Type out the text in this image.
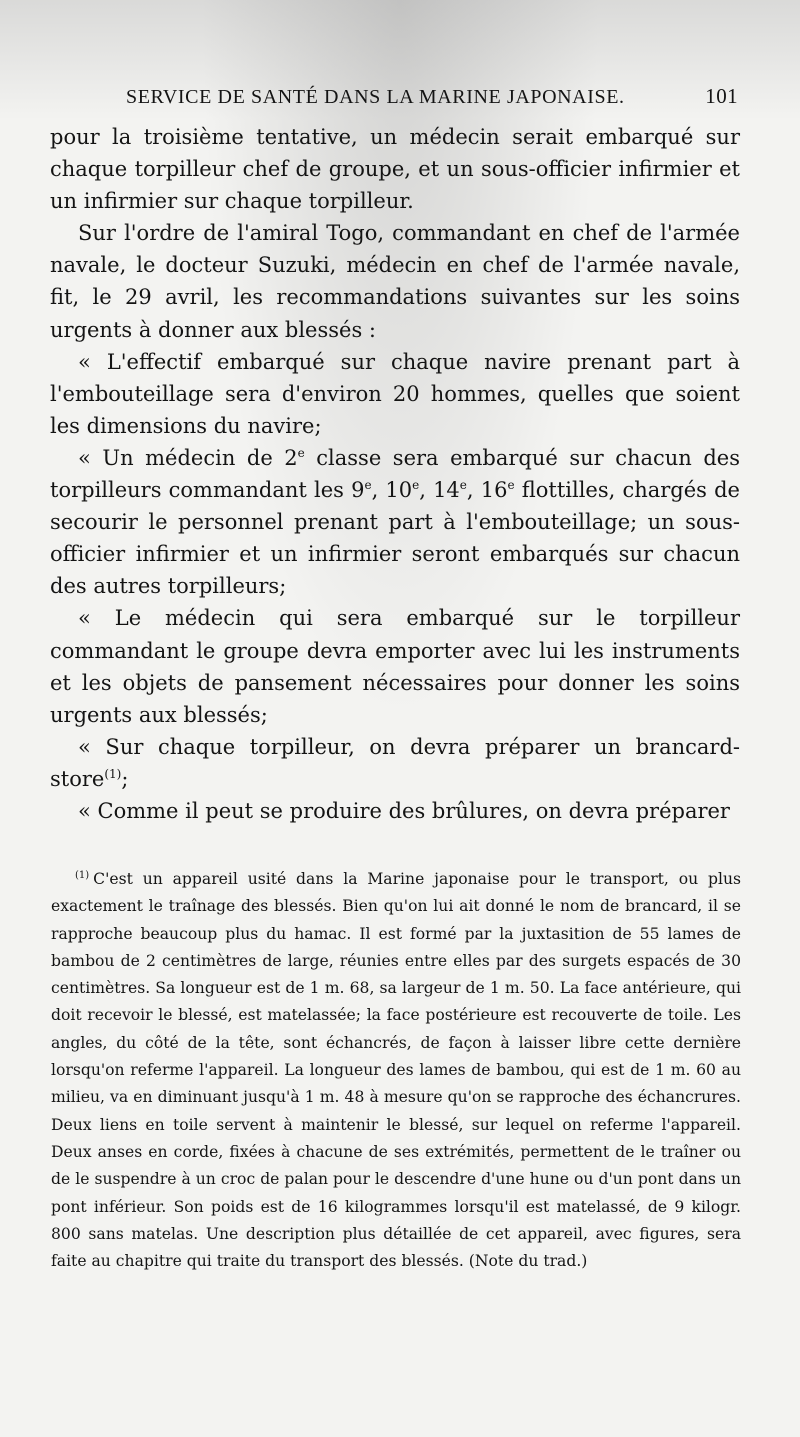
SERVICE DE SANTÉ DANS LA MARINE JAPONAISE.	101

pour la troisième tentative, un médecin serait embarqué sur chaque torpilleur chef de groupe, et un sous-officier infirmier et un infirmier sur chaque torpilleur.

Sur l'ordre de l'amiral Togo, commandant en chef de l'armée navale, le docteur Suzuki, médecin en chef de l'armée navale, fit, le 29 avril, les recommandations suivantes sur les soins urgents à donner aux blessés :

« L'effectif embarqué sur chaque navire prenant part à l'embouteillage sera d'environ 20 hommes, quelles que soient les dimensions du navire;

« Un médecin de 2e classe sera embarqué sur chacun des torpilleurs commandant les 9e, 10e, 14e, 16e flottilles, chargés de secourir le personnel prenant part à l'embouteillage; un sous-officier infirmier et un infirmier seront embarqués sur chacun des autres torpilleurs;

« Le médecin qui sera embarqué sur le torpilleur commandant le groupe devra emporter avec lui les instruments et les objets de pansement nécessaires pour donner les soins urgents aux blessés;

« Sur chaque torpilleur, on devra préparer un brancard-store$^{(1)}$;

« Comme il peut se produire des brûlures, on devra préparer

$^{(1)}$ C'est un appareil usité dans la Marine japonaise pour le transport, ou plus exactement le traînage des blessés. Bien qu'on lui ait donné le nom de brancard, il se rapproche beaucoup plus du hamac. Il est formé par la juxtasition de 55 lames de bambou de 2 centimètres de large, réunies entre elles par des surgets espacés de 30 centimètres. Sa longueur est de 1 m. 68, sa largeur de 1 m. 50. La face antérieure, qui doit recevoir le blessé, est matelassée; la face postérieure est recouverte de toile. Les angles, du côté de la tête, sont échancrés, de façon à laisser libre cette dernière lorsqu'on referme l'appareil. La longueur des lames de bambou, qui est de 1 m. 60 au milieu, va en diminuant jusqu'à 1 m. 48 à mesure qu'on se rapproche des échancrures. Deux liens en toile servent à maintenir le blessé, sur lequel on referme l'appareil. Deux anses en corde, fixées à chacune de ses extrémités, permettent de le traîner ou de le suspendre à un croc de palan pour le descendre d'une hune ou d'un pont dans un pont inférieur. Son poids est de 16 kilogrammes lorsqu'il est matelassé, de 9 kilogr. 800 sans matelas. Une description plus détaillée de cet appareil, avec figures, sera faite au chapitre qui traite du transport des blessés. (Note du trad.)
